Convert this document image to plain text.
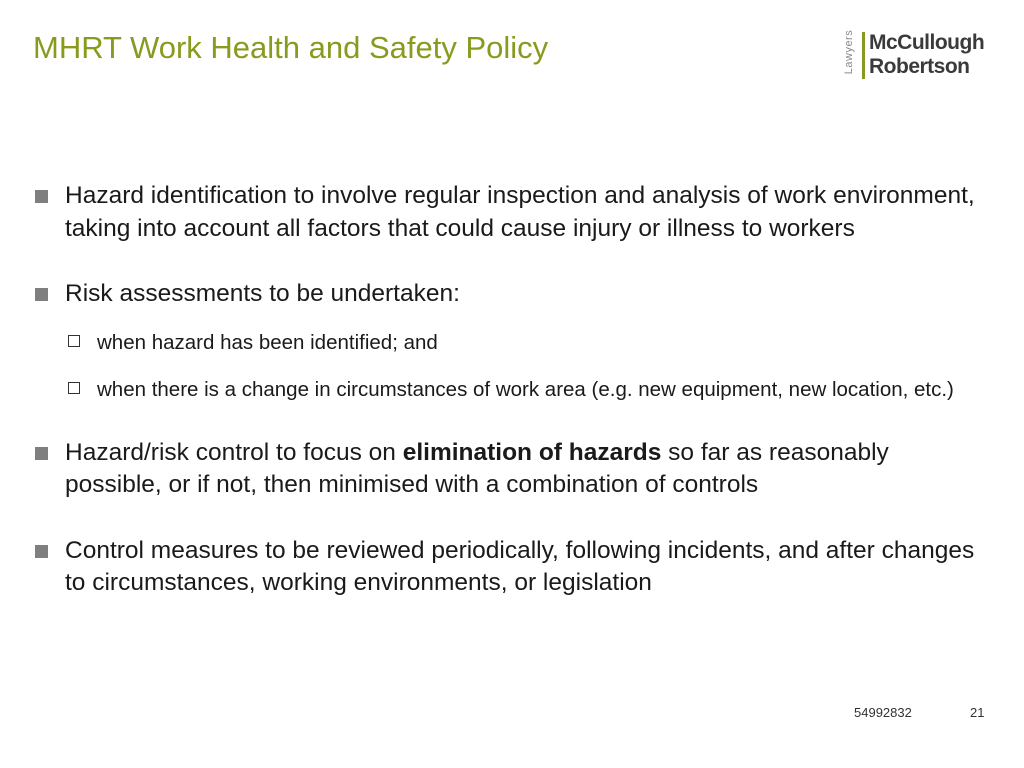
MHRT Work Health and Safety Policy	Lawyers McCullough
Robertson
Hazard identification to involve regular inspection and analysis of work environment, taking into account all factors that could cause injury or illness to workers
Risk assessments to be undertaken:
when hazard has been identified; and
when there is a change in circumstances of work area (e.g. new equipment, new location, etc.)
Hazard/risk control to focus on elimination of hazards so far as reasonably possible, or if not, then minimised with a combination of controls
Control measures to be reviewed periodically, following incidents, and after changes to circumstances, working environments, or legislation
54992832	21
